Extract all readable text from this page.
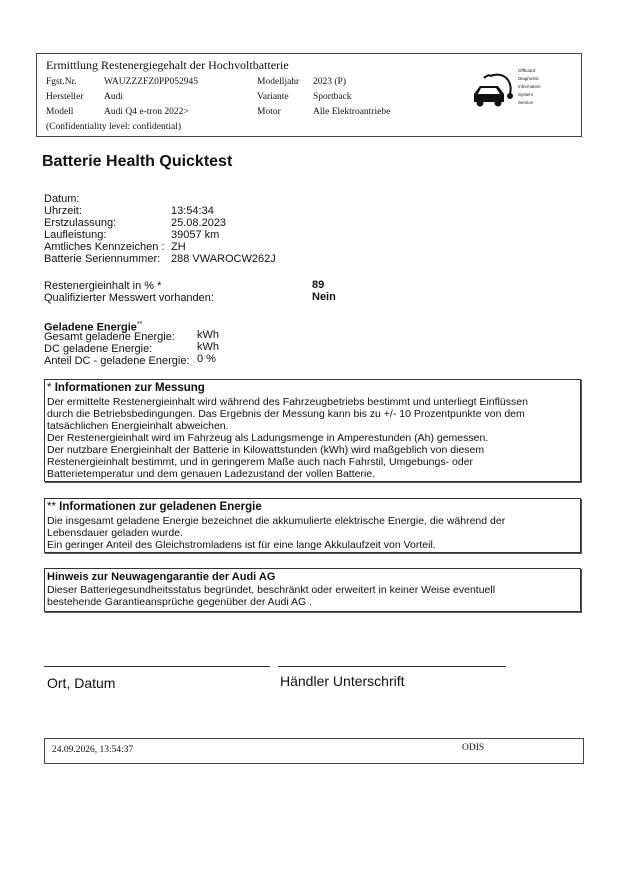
Ermittlung Restenergiegehalt der Hochvoltbatterie
Fgst.Nr.	WAUZZZFZ0PP052945
Hersteller Audi
Modell	Audi Q4 e-tron 2022>
Modelljahr 2023 (P)
Variante	Sportback
Motor	Alle Elektroantriebe
(Confidentiality level: confidential)
Offboard
Diagnostic
Information
System
Service
Batterie Health Quicktest
Datum:
Uhrzeit:	13:54:34
Erstzulassung:	25.08.2023
Laufleistung:	39057 km
Amtliches Kennzeichen : ZH
Batterie Seriennummer: 288 VWAROCW262J
Restenergieinhalt in % *	89
Qualifizierter Messwert vorhanden:	Nein
Geladene Energie**
Gesamt geladene Energie: kWh
DC geladene Energie:	kWh
Anteil DC - geladene Energie: 0 %
* Informationen zur Messung
Der ermittelte Restenergieinhalt wird während des Fahrzeugbetriebs bestimmt und unterliegt Einflüssen
durch die Betriebsbedingungen. Das Ergebnis der Messung kann bis zu +/- 10 Prozentpunkte von dem
tatsächlichen Energieinhalt abweichen.
Der Restenergieinhalt wird im Fahrzeug als Ladungsmenge in Amperestunden (Ah) gemessen.
Der nutzbare Energieinhalt der Batterie in Kilowattstunden (kWh) wird maßgeblich von diesem
Restenergieinhalt bestimmt, und in geringerem Maße auch nach Fahrstil, Umgebungs- oder
Batterietemperatur und dem genauen Ladezustand der vollen Batterie.
** Informationen zur geladenen Energie
Die insgesamt geladene Energie bezeichnet die akkumulierte elektrische Energie, die während der
Lebensdauer geladen wurde.
Ein geringer Anteil des Gleichstromladens ist für eine lange Akkulaufzeit von Vorteil.
Hinweis zur Neuwagengarantie der Audi AG
Dieser Batteriegesundheitsstatus begründet, beschränkt oder erweitert in keiner Weise eventuell
bestehende Garantieansprüche gegenüber der Audi AG .
Ort, Datum	Händler Unterschrift
24.09.2026, 13:54:37	ODIS
